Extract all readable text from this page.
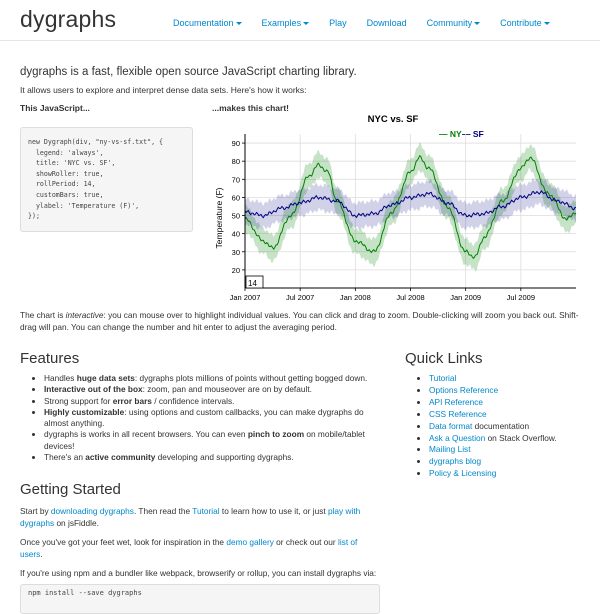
dygraphs	Documentation	Examples	Play	Download	Community	Contribute
dygraphs is a fast, flexible open source JavaScript charting library.
It allows users to explore and interpret dense data sets. Here's how it works:
This JavaScript...	...makes this chart!
new Dygraph(div, "ny-vs-sf.txt", {
legend: 'always',
title: 'NYC vs. SF',
showRoller: true,
rollPeriod: 14,
customBars: true,
ylabel: 'Temperature (F)',
});
NYC vs. SF
— NY — SF
Temperature (F)
20
30
40
50
60
70
80
90
Jan 2007	Jul 2007	Jan 2008	Jul 2008	Jan 2009	Jul 2009
14
The chart is interactive: you can mouse over to highlight individual values. You can click and drag to zoom. Double-clicking will zoom you back out. Shift-drag will pan. You can change the number and hit enter to adjust the averaging period.
Features
• Handles huge data sets: dygraphs plots millions of points without getting bogged down.
• Interactive out of the box: zoom, pan and mouseover are on by default.
• Strong support for error bars / confidence intervals.
• Highly customizable: using options and custom callbacks, you can make dygraphs do almost anything.
• dygraphs is works in all recent browsers. You can even pinch to zoom on mobile/tablet devices!
• There's an active community developing and supporting dygraphs.
Quick Links
• Tutorial
• Options Reference
• API Reference
• CSS Reference
• Data format documentation
• Ask a Question on Stack Overflow.
• Mailing List
• dygraphs blog
• Policy & Licensing
Getting Started
Start by downloading dygraphs. Then read the Tutorial to learn how to use it, or just play with dygraphs on jsFiddle.
Once you've got your feet wet, look for inspiration in the demo gallery or check out our list of users.
If you're using npm and a bundler like webpack, browserify or rollup, you can install dygraphs via:
npm install --save dygraphs
